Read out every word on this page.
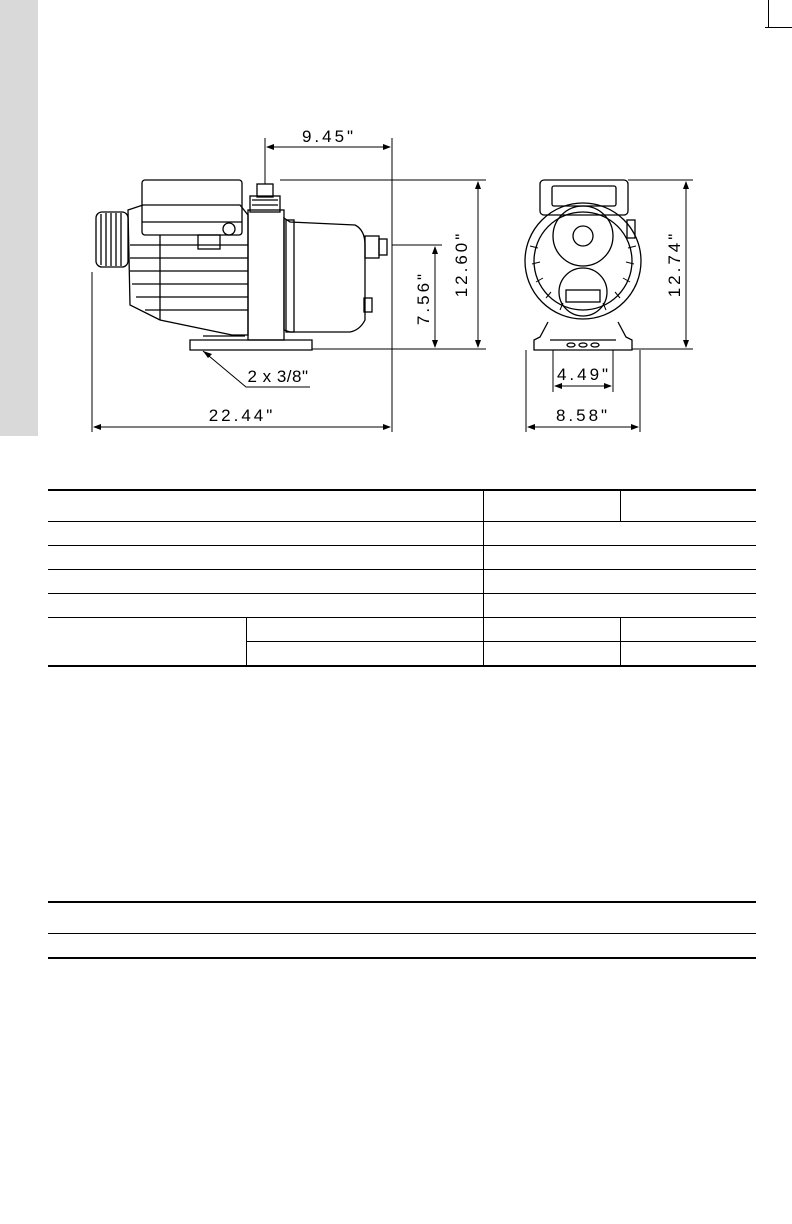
9.45"
22.44"
2 x 3/8"
12.60"
7.56"
12.74"
4.49"
8.58"
